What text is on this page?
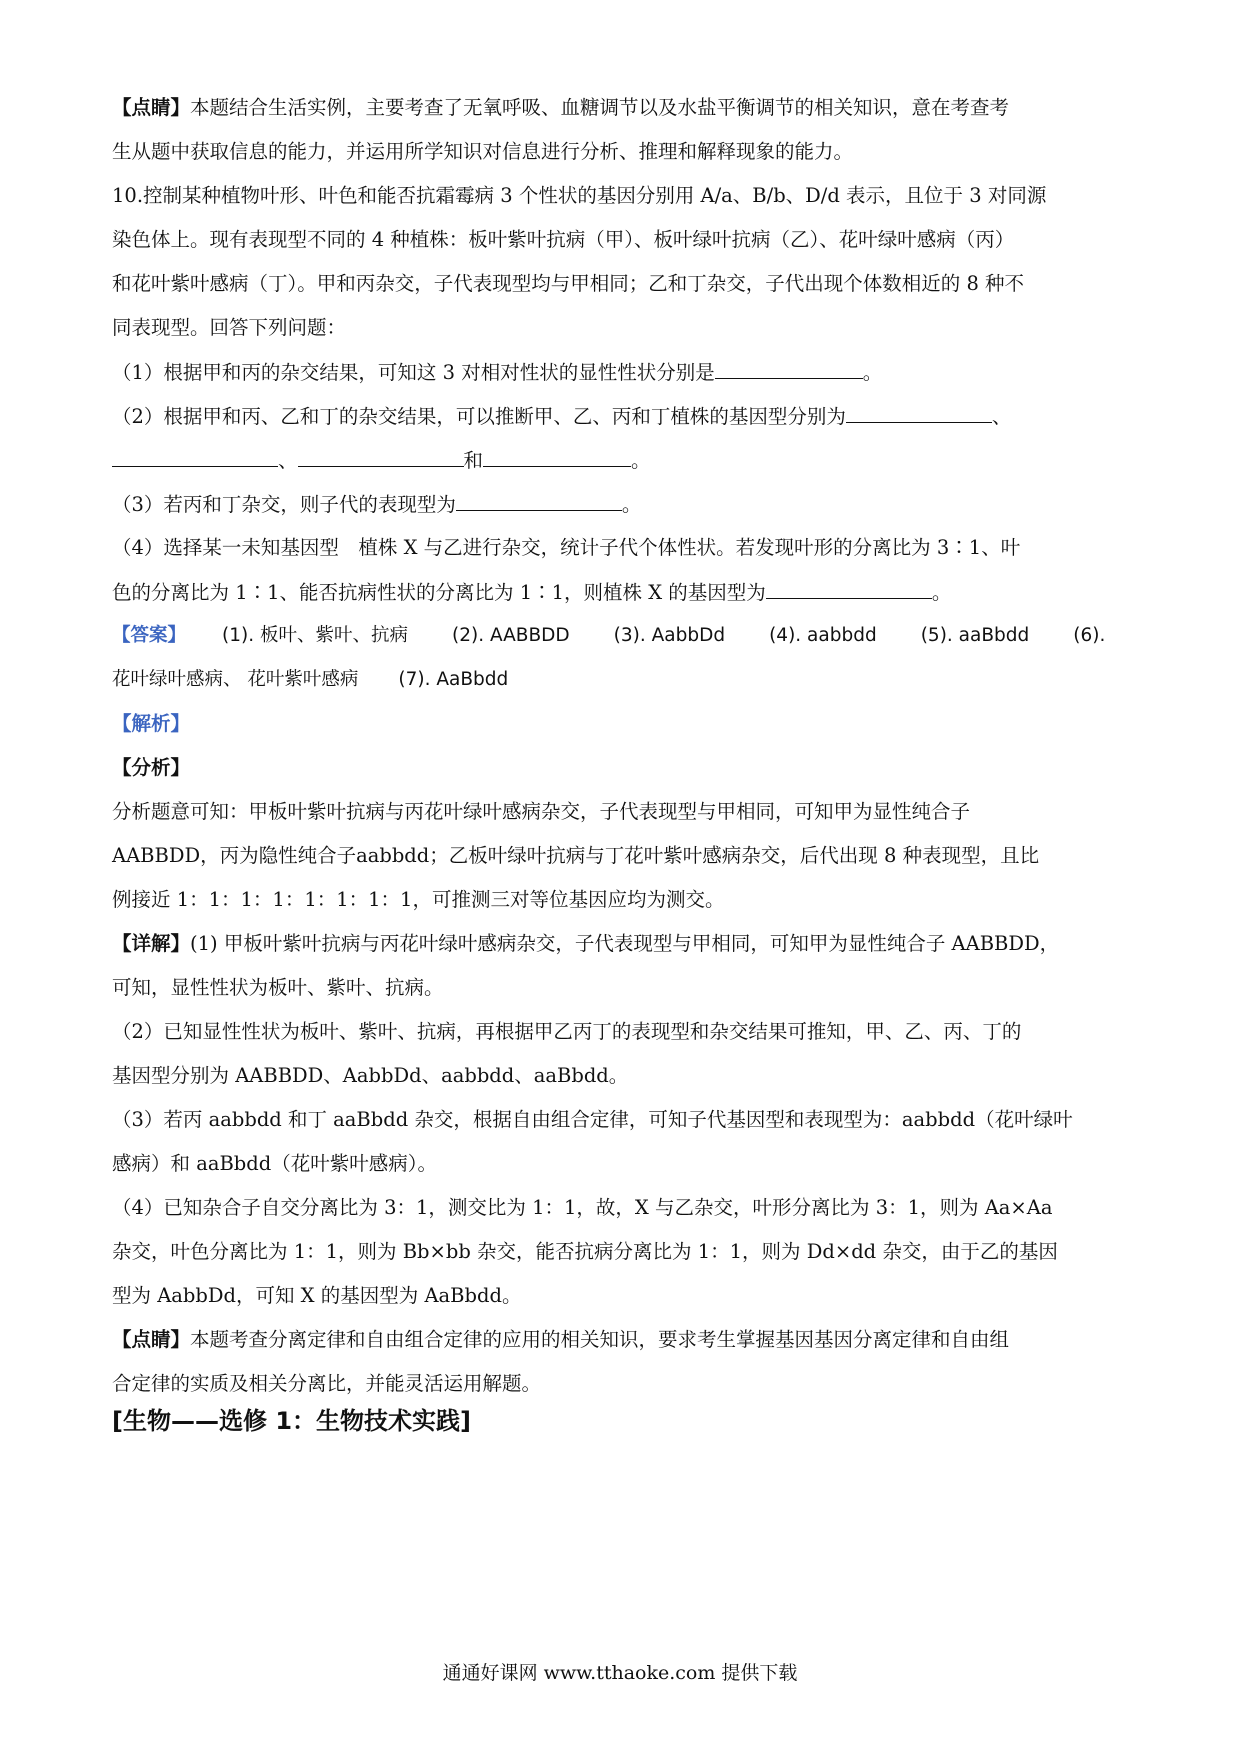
【点睛】本题结合生活实例，主要考查了无氧呼吸、血糖调节以及水盐平衡调节的相关知识，意在考查考
生从题中获取信息的能力，并运用所学知识对信息进行分析、推理和解释现象的能力。
10.控制某种植物叶形、叶色和能否抗霜霉病 3 个性状的基因分别用 A/a、B/b、D/d 表示，且位于 3 对同源
染色体上。现有表现型不同的 4 种植株：板叶紫叶抗病（甲）、板叶绿叶抗病（乙）、花叶绿叶感病（丙）
和花叶紫叶感病（丁）。甲和丙杂交，子代表现型均与甲相同；乙和丁杂交，子代出现个体数相近的 8 种不
同表现型。回答下列问题：
（1）根据甲和丙的杂交结果，可知这 3 对相对性状的显性性状分别是	。
（2）根据甲和丙、乙和丁的杂交结果，可以推断甲、乙、丙和丁植株的基因型分别为	、
、	和	。
（3）若丙和丁杂交，则子代的表现型为	。
（4）选择某一未知基因型　植株 X 与乙进行杂交，统计子代个体性状。若发现叶形的分离比为 3∶1、叶
色的分离比为 1∶1、能否抗病性状的分离比为 1∶1，则植株 X 的基因型为	。
【答案】 (1). 板叶、紫叶、抗病 (2). AABBDD (3). AabbDd (4). aabbdd (5). aaBbdd (6).
花叶绿叶感病、 花叶紫叶感病 (7). AaBbdd
【解析】
【分析】
分析题意可知：甲板叶紫叶抗病与丙花叶绿叶感病杂交，子代表现型与甲相同，可知甲为显性纯合子
AABBDD，丙为隐性纯合子aabbdd；乙板叶绿叶抗病与丁花叶紫叶感病杂交，后代出现 8 种表现型，且比
例接近 1：1：1：1：1：1：1：1，可推测三对等位基因应均为测交。
【详解】(1) 甲板叶紫叶抗病与丙花叶绿叶感病杂交，子代表现型与甲相同，可知甲为显性纯合子 AABBDD，
可知，显性性状为板叶、紫叶、抗病。
（2）已知显性性状为板叶、紫叶、抗病，再根据甲乙丙丁的表现型和杂交结果可推知，甲、乙、丙、丁的
基因型分别为 AABBDD、AabbDd、aabbdd、aaBbdd。
（3）若丙 aabbdd 和丁 aaBbdd 杂交，根据自由组合定律，可知子代基因型和表现型为：aabbdd（花叶绿叶
感病）和 aaBbdd（花叶紫叶感病）。
（4）已知杂合子自交分离比为 3：1，测交比为 1：1，故，X 与乙杂交，叶形分离比为 3：1，则为 Aa×Aa
杂交，叶色分离比为 1：1，则为 Bb×bb 杂交，能否抗病分离比为 1：1，则为 Dd×dd 杂交，由于乙的基因
型为 AabbDd，可知 X 的基因型为 AaBbdd。
【点睛】本题考查分离定律和自由组合定律的应用的相关知识，要求考生掌握基因基因分离定律和自由组
合定律的实质及相关分离比，并能灵活运用解题。
[生物——选修 1：生物技术实践]
通通好课网 www.tthaoke.com 提供下载
